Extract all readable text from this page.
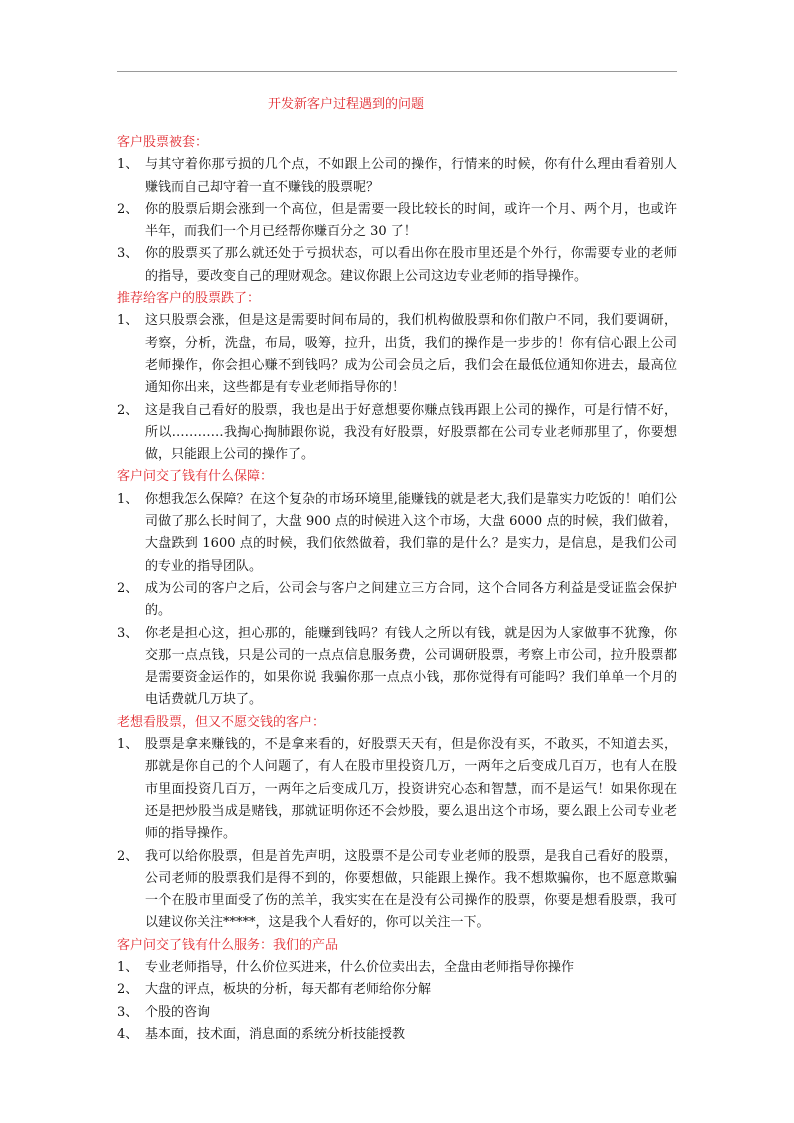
开发新客户过程遇到的问题
客户股票被套：
1、 与其守着你那亏损的几个点，不如跟上公司的操作，行情来的时候，你有什么理由看着别人赚钱而自己却守着一直不赚钱的股票呢？
2、 你的股票后期会涨到一个高位，但是需要一段比较长的时间，或许一个月、两个月，也或许半年，而我们一个月已经帮你赚百分之 30 了！
3、 你的股票买了那么就还处于亏损状态，可以看出你在股市里还是个外行，你需要专业的老师的指导，要改变自己的理财观念。建议你跟上公司这边专业老师的指导操作。
推荐给客户的股票跌了：
1、 这只股票会涨，但是这是需要时间布局的，我们机构做股票和你们散户不同，我们要调研，考察，分析，洗盘，布局，吸筹，拉升，出货，我们的操作是一步步的！你有信心跟上公司老师操作，你会担心赚不到钱吗？成为公司会员之后，我们会在最低位通知你进去，最高位通知你出来，这些都是有专业老师指导你的！
2、 这是我自己看好的股票，我也是出于好意想要你赚点钱再跟上公司的操作，可是行情不好，所以…………我掏心掏肺跟你说，我没有好股票，好股票都在公司专业老师那里了，你要想做，只能跟上公司的操作了。
客户问交了钱有什么保障：
1、 你想我怎么保障？在这个复杂的市场环境里,能赚钱的就是老大,我们是靠实力吃饭的！咱们公司做了那么长时间了，大盘 900 点的时候进入这个市场，大盘 6000 点的时候，我们做着，大盘跌到 1600 点的时候，我们依然做着，我们靠的是什么？是实力，是信息，是我们公司的专业的指导团队。
2、 成为公司的客户之后，公司会与客户之间建立三方合同，这个合同各方利益是受证监会保护的。
3、 你老是担心这，担心那的，能赚到钱吗？有钱人之所以有钱，就是因为人家做事不犹豫，你交那一点点钱，只是公司的一点点信息服务费，公司调研股票，考察上市公司，拉升股票都是需要资金运作的，如果你说 我骗你那一点点小钱，那你觉得有可能吗？我们单单一个月的电话费就几万块了。
老想看股票，但又不愿交钱的客户：
1、 股票是拿来赚钱的，不是拿来看的，好股票天天有，但是你没有买，不敢买，不知道去买，那就是你自己的个人问题了，有人在股市里投资几万，一两年之后变成几百万，也有人在股市里面投资几百万，一两年之后变成几万，投资讲究心态和智慧，而不是运气！如果你现在还是把炒股当成是赌钱，那就证明你还不会炒股，要么退出这个市场，要么跟上公司专业老师的指导操作。
2、 我可以给你股票，但是首先声明，这股票不是公司专业老师的股票，是我自己看好的股票，公司老师的股票我们是得不到的，你要想做，只能跟上操作。我不想欺骗你，也不愿意欺骗一个在股市里面受了伤的羔羊，我实实在在是没有公司操作的股票，你要是想看股票，我可以建议你关注*****，这是我个人看好的，你可以关注一下。
客户问交了钱有什么服务：我们的产品
1、 专业老师指导，什么价位买进来，什么价位卖出去，全盘由老师指导你操作
2、 大盘的评点，板块的分析，每天都有老师给你分解
3、 个股的咨询
4、 基本面，技术面，消息面的系统分析技能授教
